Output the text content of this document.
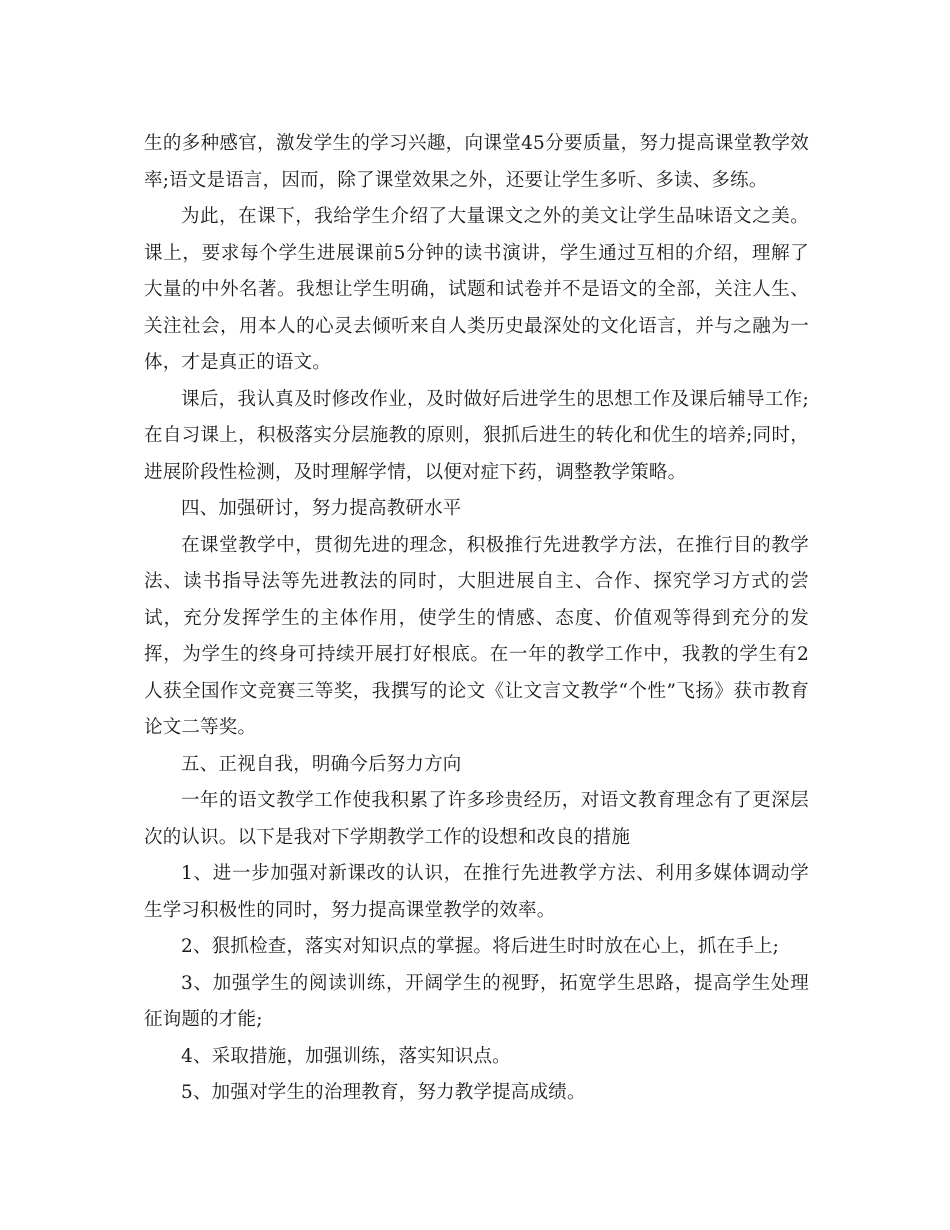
生的多种感官，激发学生的学习兴趣，向课堂45分要质量，努力提高课堂教学效率;语文是语言，因而，除了课堂效果之外，还要让学生多听、多读、多练。

为此，在课下，我给学生介绍了大量课文之外的美文让学生品味语文之美。课上，要求每个学生进展课前5分钟的读书演讲，学生通过互相的介绍，理解了大量的中外名著。我想让学生明确，试题和试卷并不是语文的全部，关注人生、关注社会，用本人的心灵去倾听来自人类历史最深处的文化语言，并与之融为一体，才是真正的语文。

课后，我认真及时修改作业，及时做好后进学生的思想工作及课后辅导工作;在自习课上，积极落实分层施教的原则，狠抓后进生的转化和优生的培养;同时，进展阶段性检测，及时理解学情，以便对症下药，调整教学策略。

四、加强研讨，努力提高教研水平

在课堂教学中，贯彻先进的理念，积极推行先进教学方法，在推行目的教学法、读书指导法等先进教法的同时，大胆进展自主、合作、探究学习方式的尝试，充分发挥学生的主体作用，使学生的情感、态度、价值观等得到充分的发挥，为学生的终身可持续开展打好根底。在一年的教学工作中，我教的学生有2人获全国作文竞赛三等奖，我撰写的论文《让文言文教学“个性”飞扬》获市教育论文二等奖。

五、正视自我，明确今后努力方向

一年的语文教学工作使我积累了许多珍贵经历，对语文教育理念有了更深层次的认识。以下是我对下学期教学工作的设想和改良的措施

1、进一步加强对新课改的认识，在推行先进教学方法、利用多媒体调动学生学习积极性的同时，努力提高课堂教学的效率。

2、狠抓检查，落实对知识点的掌握。将后进生时时放在心上，抓在手上;

3、加强学生的阅读训练，开阔学生的视野，拓宽学生思路，提高学生处理征询题的才能;

4、采取措施，加强训练，落实知识点。

5、加强对学生的治理教育，努力教学提高成绩。
